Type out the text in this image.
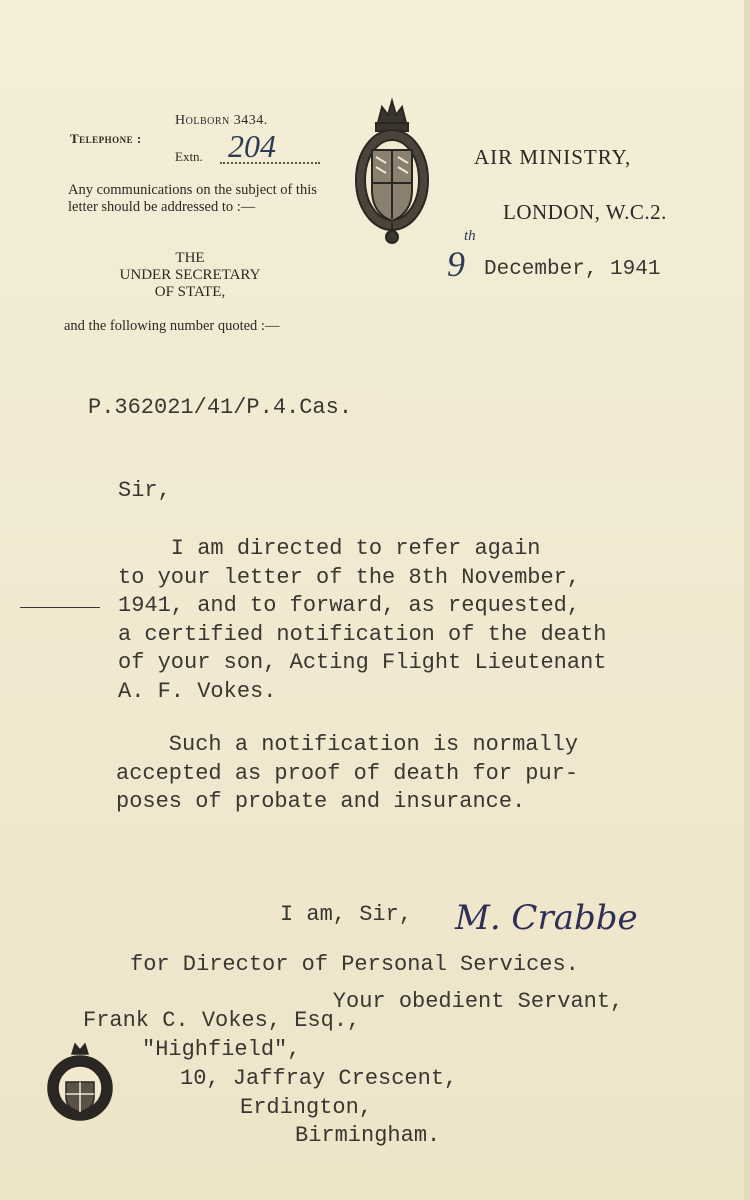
Holborn 3434.
Telephone :
Extn. 204
Any communications on the subject of this letter should be addressed to :—
THE
UNDER SECRETARY
OF STATE,
and the following number quoted :—
AIR MINISTRY,
LONDON, W.C.2.
9
th
December, 1941
P.362021/41/P.4.Cas.
Sir,
I am directed to refer again
to your letter of the 8th November,
1941, and to forward, as requested,
a certified notification of the death
of your son, Acting Flight Lieutenant
A. F. Vokes.
Such a notification is normally
accepted as proof of death for pur-
poses of probate and insurance.

I am, Sir,

Your obedient Servant,

M. Crabbe
for Director of Personal Services.
Frank C. Vokes, Esq.,
"Highfield",
10, Jaffray Crescent,
Erdington,
Birmingham.
